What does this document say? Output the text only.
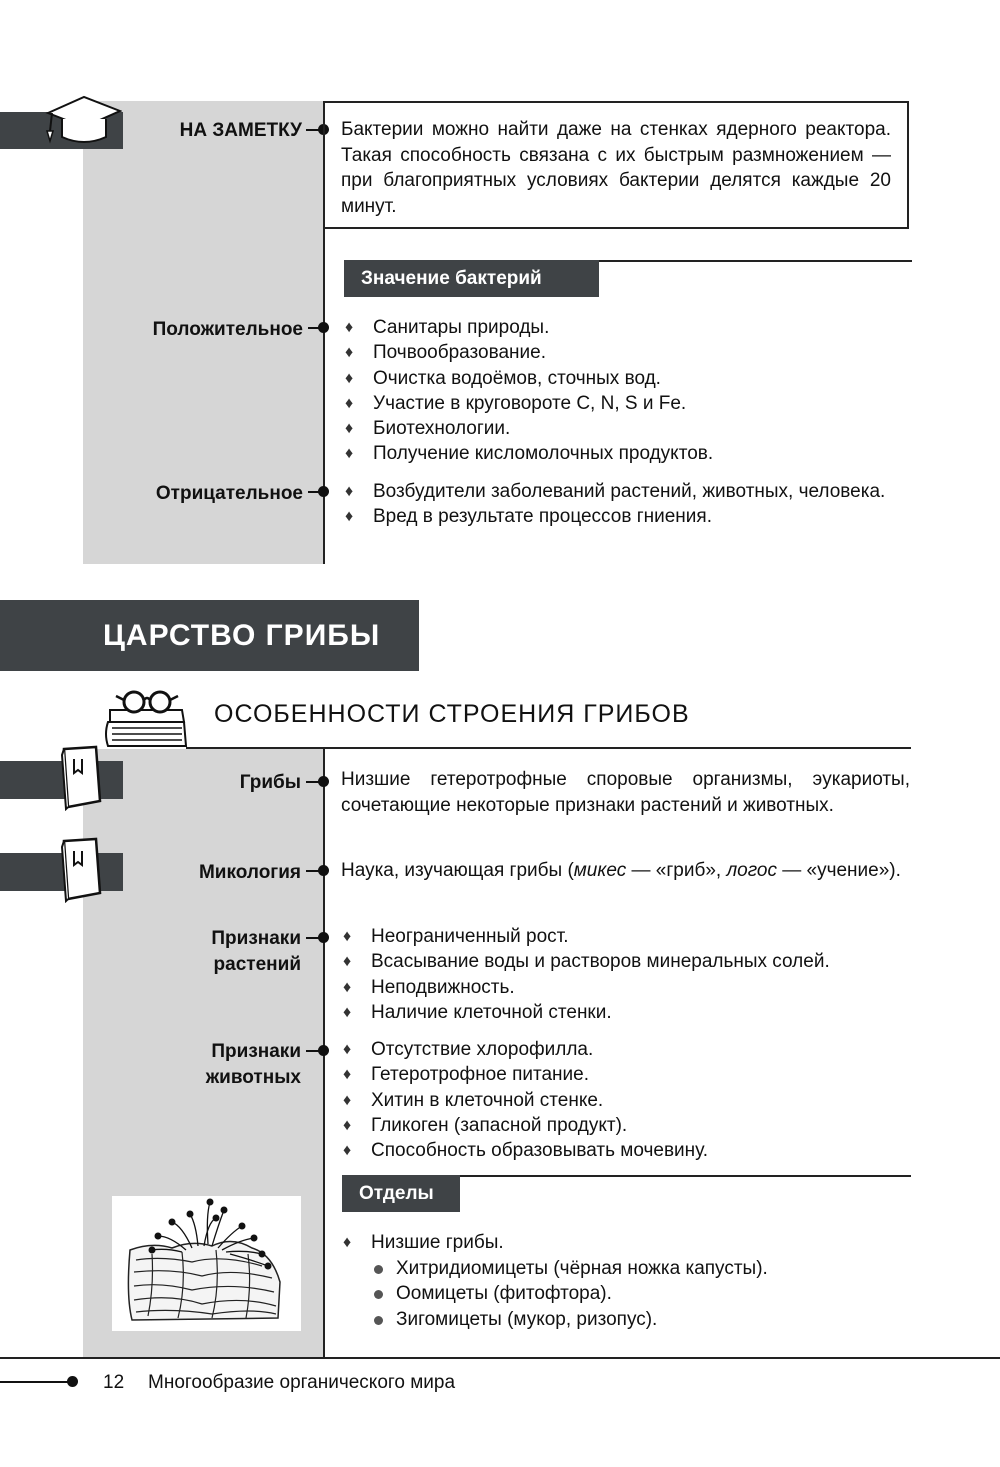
НА ЗАМЕТКУ Бактерии можно найти даже на стенках ядерного реактора. Такая способность связана с их быстрым размножением — при благоприятных условиях бактерии делятся каждые 20 минут.
Значение бактерий
Положительное	♦ Санитары природы.
♦ Почвообразование.
♦ Очистка водоёмов, сточных вод.
♦ Участие в круговороте C, N, S и Fe.
♦ Биотехнологии.
♦ Получение кисломолочных продуктов.
Отрицательное	♦ Возбудители заболеваний растений, животных, человека.
♦ Вред в результате процессов гниения.
ЦАРСТВО ГРИБЫ
ОСОБЕННОСТИ СТРОЕНИЯ ГРИБОВ
Грибы Низшие гетеротрофные споровые организмы, эукариоты, сочетающие некоторые признаки растений и животных.
Микология Наука, изучающая грибы (микес — «гриб», логос — «учение»).
Признаки
растений
♦ Неограниченный рост.
♦ Всасывание воды и растворов минеральных солей.
♦ Неподвижность.
♦ Наличие клеточной стенки.
Признаки
животных
♦ Отсутствие хлорофилла.
♦ Гетеротрофное питание.
♦ Хитин в клеточной стенке.
♦ Гликоген (запасной продукт).
♦ Способность образовывать мочевину.
Отделы
♦ Низшие грибы.
Хитридиомицеты (чёрная ножка капусты).
Оомицеты (фитофтора).
Зигомицеты (мукор, ризопус).
12 Многообразие органического мира
